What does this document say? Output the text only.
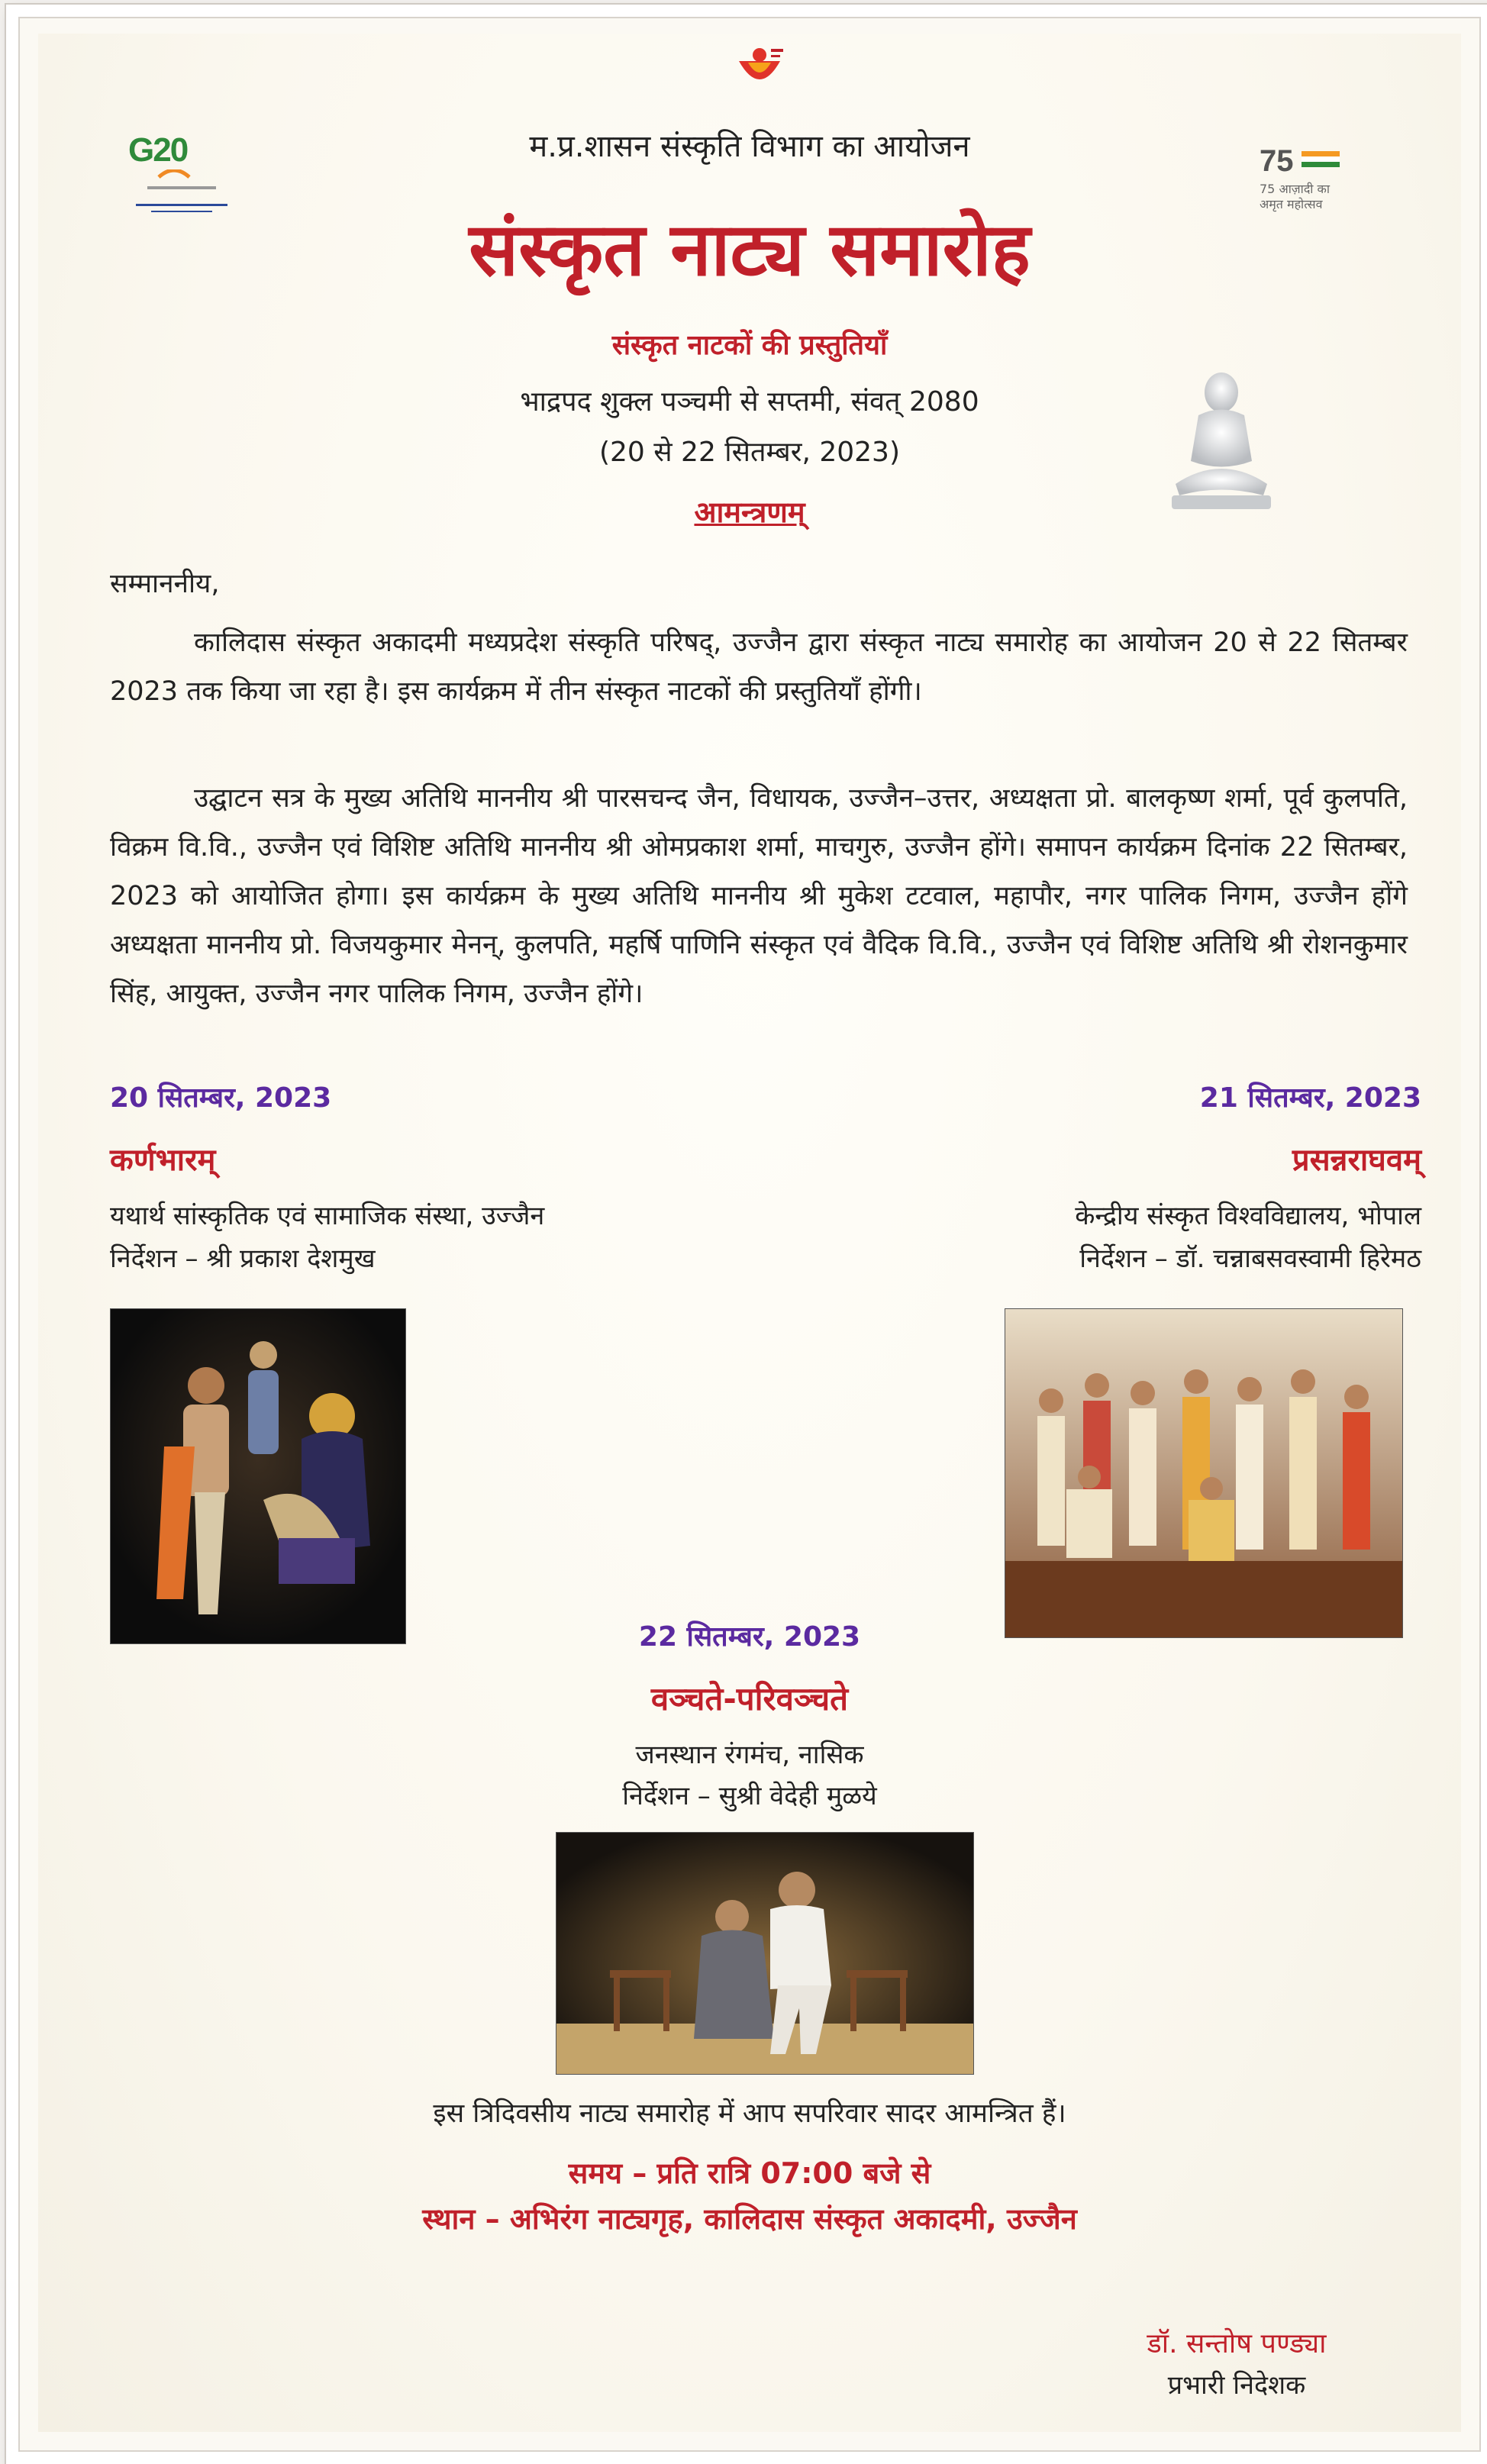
G20	75
75 आज़ादी का अमृत महोत्सव
म.प्र.शासन संस्कृति विभाग का आयोजन
संस्कृत नाट्य समारोह
संस्कृत नाटकों की प्रस्तुतियाँ
भाद्रपद शुक्ल पञ्चमी से सप्तमी, संवत् 2080
(20 से 22 सितम्बर, 2023)
आमन्त्रणम्
सम्माननीय,
कालिदास संस्कृत अकादमी मध्यप्रदेश संस्कृति परिषद्, उज्जैन द्वारा संस्कृत नाट्य समारोह का आयोजन 20 से 22 सितम्बर 2023 तक किया जा रहा है। इस कार्यक्रम में तीन संस्कृत नाटकों की प्रस्तुतियाँ होंगी।
उद्घाटन सत्र के मुख्य अतिथि माननीय श्री पारसचन्द जैन, विधायक, उज्जैन–उत्तर, अध्यक्षता प्रो. बालकृष्ण शर्मा, पूर्व कुलपति, विक्रम वि.वि., उज्जैन एवं विशिष्ट अतिथि माननीय श्री ओमप्रकाश शर्मा, माचगुरु, उज्जैन होंगे। समापन कार्यक्रम दिनांक 22 सितम्बर, 2023 को आयोजित होगा। इस कार्यक्रम के मुख्य अतिथि माननीय श्री मुकेश टटवाल, महापौर, नगर पालिक निगम, उज्जैन होंगे अध्यक्षता माननीय प्रो. विजयकुमार मेनन्, कुलपति, महर्षि पाणिनि संस्कृत एवं वैदिक वि.वि., उज्जैन एवं विशिष्ट अतिथि श्री रोशनकुमार सिंह, आयुक्त, उज्जैन नगर पालिक निगम, उज्जैन होंगे।
20 सितम्बर, 2023
कर्णभारम्
यथार्थ सांस्कृतिक एवं सामाजिक संस्था, उज्जैन
निर्देशन – श्री प्रकाश देशमुख
21 सितम्बर, 2023
प्रसन्नराघवम्
केन्द्रीय संस्कृत विश्वविद्यालय, भोपाल
निर्देशन – डॉ. चन्नाबसवस्वामी हिरेमठ
22 सितम्बर, 2023
वञ्चते-परिवञ्चते
जनस्थान रंगमंच, नासिक
निर्देशन – सुश्री वेदेही मुळये
इस त्रिदिवसीय नाट्य समारोह में आप सपरिवार सादर आमन्त्रित हैं।
समय – प्रति रात्रि 07:00 बजे से
स्थान – अभिरंग नाट्यगृह, कालिदास संस्कृत अकादमी, उज्जैन
डॉ. सन्तोष पण्ड्या
प्रभारी निदेशक
